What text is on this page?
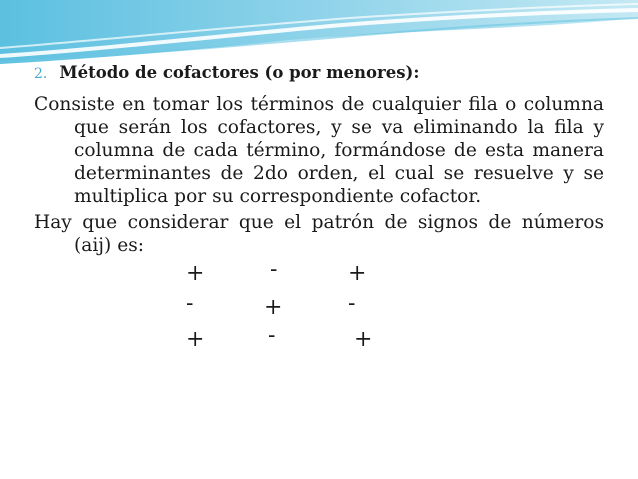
2. Método de cofactores (o por menores):

Consiste en tomar los términos de cualquier fila o columna que serán los cofactores, y se va eliminando la fila y columna de cada término, formándose de esta manera determinantes de 2do orden, el cual se resuelve y se multiplica por su correspondiente cofactor.

Hay que considerar que el patrón de signos de números (aij) es:

+	-	+
-	+	-
+	-	+
